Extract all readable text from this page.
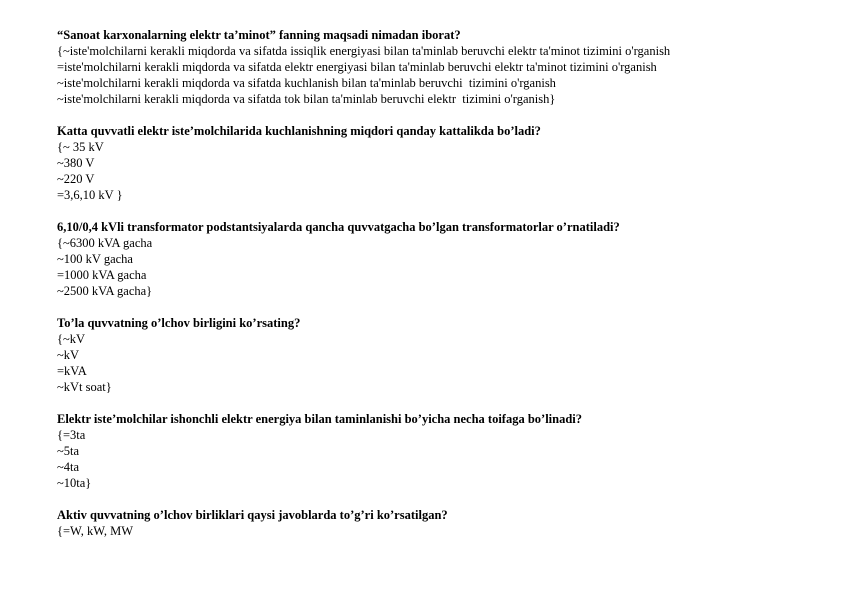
“Sanoat karxonalarning elektr ta’minot” fanning maqsadi nimadan iborat?
{~iste'molchilarni kerakli miqdorda va sifatda issiqlik energiyasi bilan ta'minlab beruvchi elektr ta'minot tizimini o'rganish
=iste'molchilarni kerakli miqdorda va sifatda elektr energiyasi bilan ta'minlab beruvchi elektr ta'minot tizimini o'rganish
~iste'molchilarni kerakli miqdorda va sifatda kuchlanish bilan ta'minlab beruvchi  tizimini o'rganish
~iste'molchilarni kerakli miqdorda va sifatda tok bilan ta'minlab beruvchi elektr  tizimini o'rganish}
Katta quvvatli elektr iste’molchilarida kuchlanishning miqdori qanday kattalikda bo’ladi?
{~ 35 kV
~380 V
~220 V
=3,6,10 kV }
6,10/0,4 kVli transformator podstantsiyalarda qancha quvvatgacha bo’lgan transformatorlar o’rnatiladi?
{~6300 kVA gacha
~100 kV gacha
=1000 kVA gacha
~2500 kVA gacha}
To’la quvvatning o’lchov birligini ko’rsating?
{~kV
~kV
=kVA
~kVt soat}
Elektr iste’molchilar ishonchli elektr energiya bilan taminlanishi bo’yicha necha toifaga bo’linadi?
{=3ta
~5ta
~4ta
~10ta}
Aktiv quvvatning o’lchov birliklari qaysi javoblarda to’g’ri ko’rsatilgan?
{=W, kW, MW
